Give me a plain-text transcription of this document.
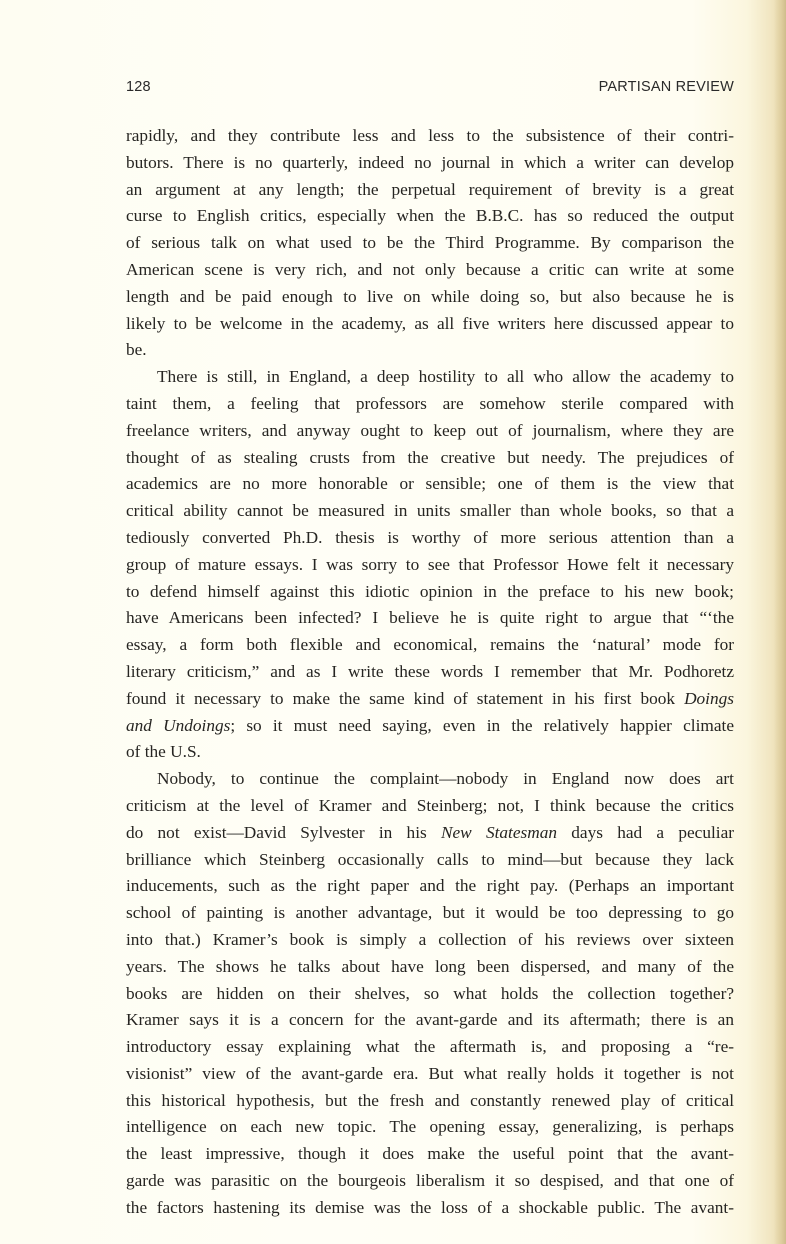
128	PARTISAN REVIEW
rapidly, and they contribute less and less to the subsistence of their contri-
butors. There is no quarterly, indeed no journal in which a writer can develop
an argument at any length; the perpetual requirement of brevity is a great
curse to English critics, especially when the B.B.C. has so reduced the output
of serious talk on what used to be the Third Programme. By comparison the
American scene is very rich, and not only because a critic can write at some
length and be paid enough to live on while doing so, but also because he is
likely to be welcome in the academy, as all five writers here discussed appear to
be.
There is still, in England, a deep hostility to all who allow the academy to
taint them, a feeling that professors are somehow sterile compared with
freelance writers, and anyway ought to keep out of journalism, where they are
thought of as stealing crusts from the creative but needy. The prejudices of
academics are no more honorable or sensible; one of them is the view that
critical ability cannot be measured in units smaller than whole books, so that a
tediously converted Ph.D. thesis is worthy of more serious attention than a
group of mature essays. I was sorry to see that Professor Howe felt it necessary
to defend himself against this idiotic opinion in the preface to his new book;
have Americans been infected? I believe he is quite right to argue that “‘the
essay, a form both flexible and economical, remains the ‘natural’ mode for
literary criticism,” and as I write these words I remember that Mr. Podhoretz
found it necessary to make the same kind of statement in his first book Doings
and Undoings; so it must need saying, even in the relatively happier climate
of the U.S.
Nobody, to continue the complaint—nobody in England now does art
criticism at the level of Kramer and Steinberg; not, I think because the critics
do not exist—David Sylvester in his New Statesman days had a peculiar
brilliance which Steinberg occasionally calls to mind—but because they lack
inducements, such as the right paper and the right pay. (Perhaps an important
school of painting is another advantage, but it would be too depressing to go
into that.) Kramer’s book is simply a collection of his reviews over sixteen
years. The shows he talks about have long been dispersed, and many of the
books are hidden on their shelves, so what holds the collection together?
Kramer says it is a concern for the avant-garde and its aftermath; there is an
introductory essay explaining what the aftermath is, and proposing a “re-
visionist” view of the avant-garde era. But what really holds it together is not
this historical hypothesis, but the fresh and constantly renewed play of critical
intelligence on each new topic. The opening essay, generalizing, is perhaps
the least impressive, though it does make the useful point that the avant-
garde was parasitic on the bourgeois liberalism it so despised, and that one of
the factors hastening its demise was the loss of a shockable public. The avant-
